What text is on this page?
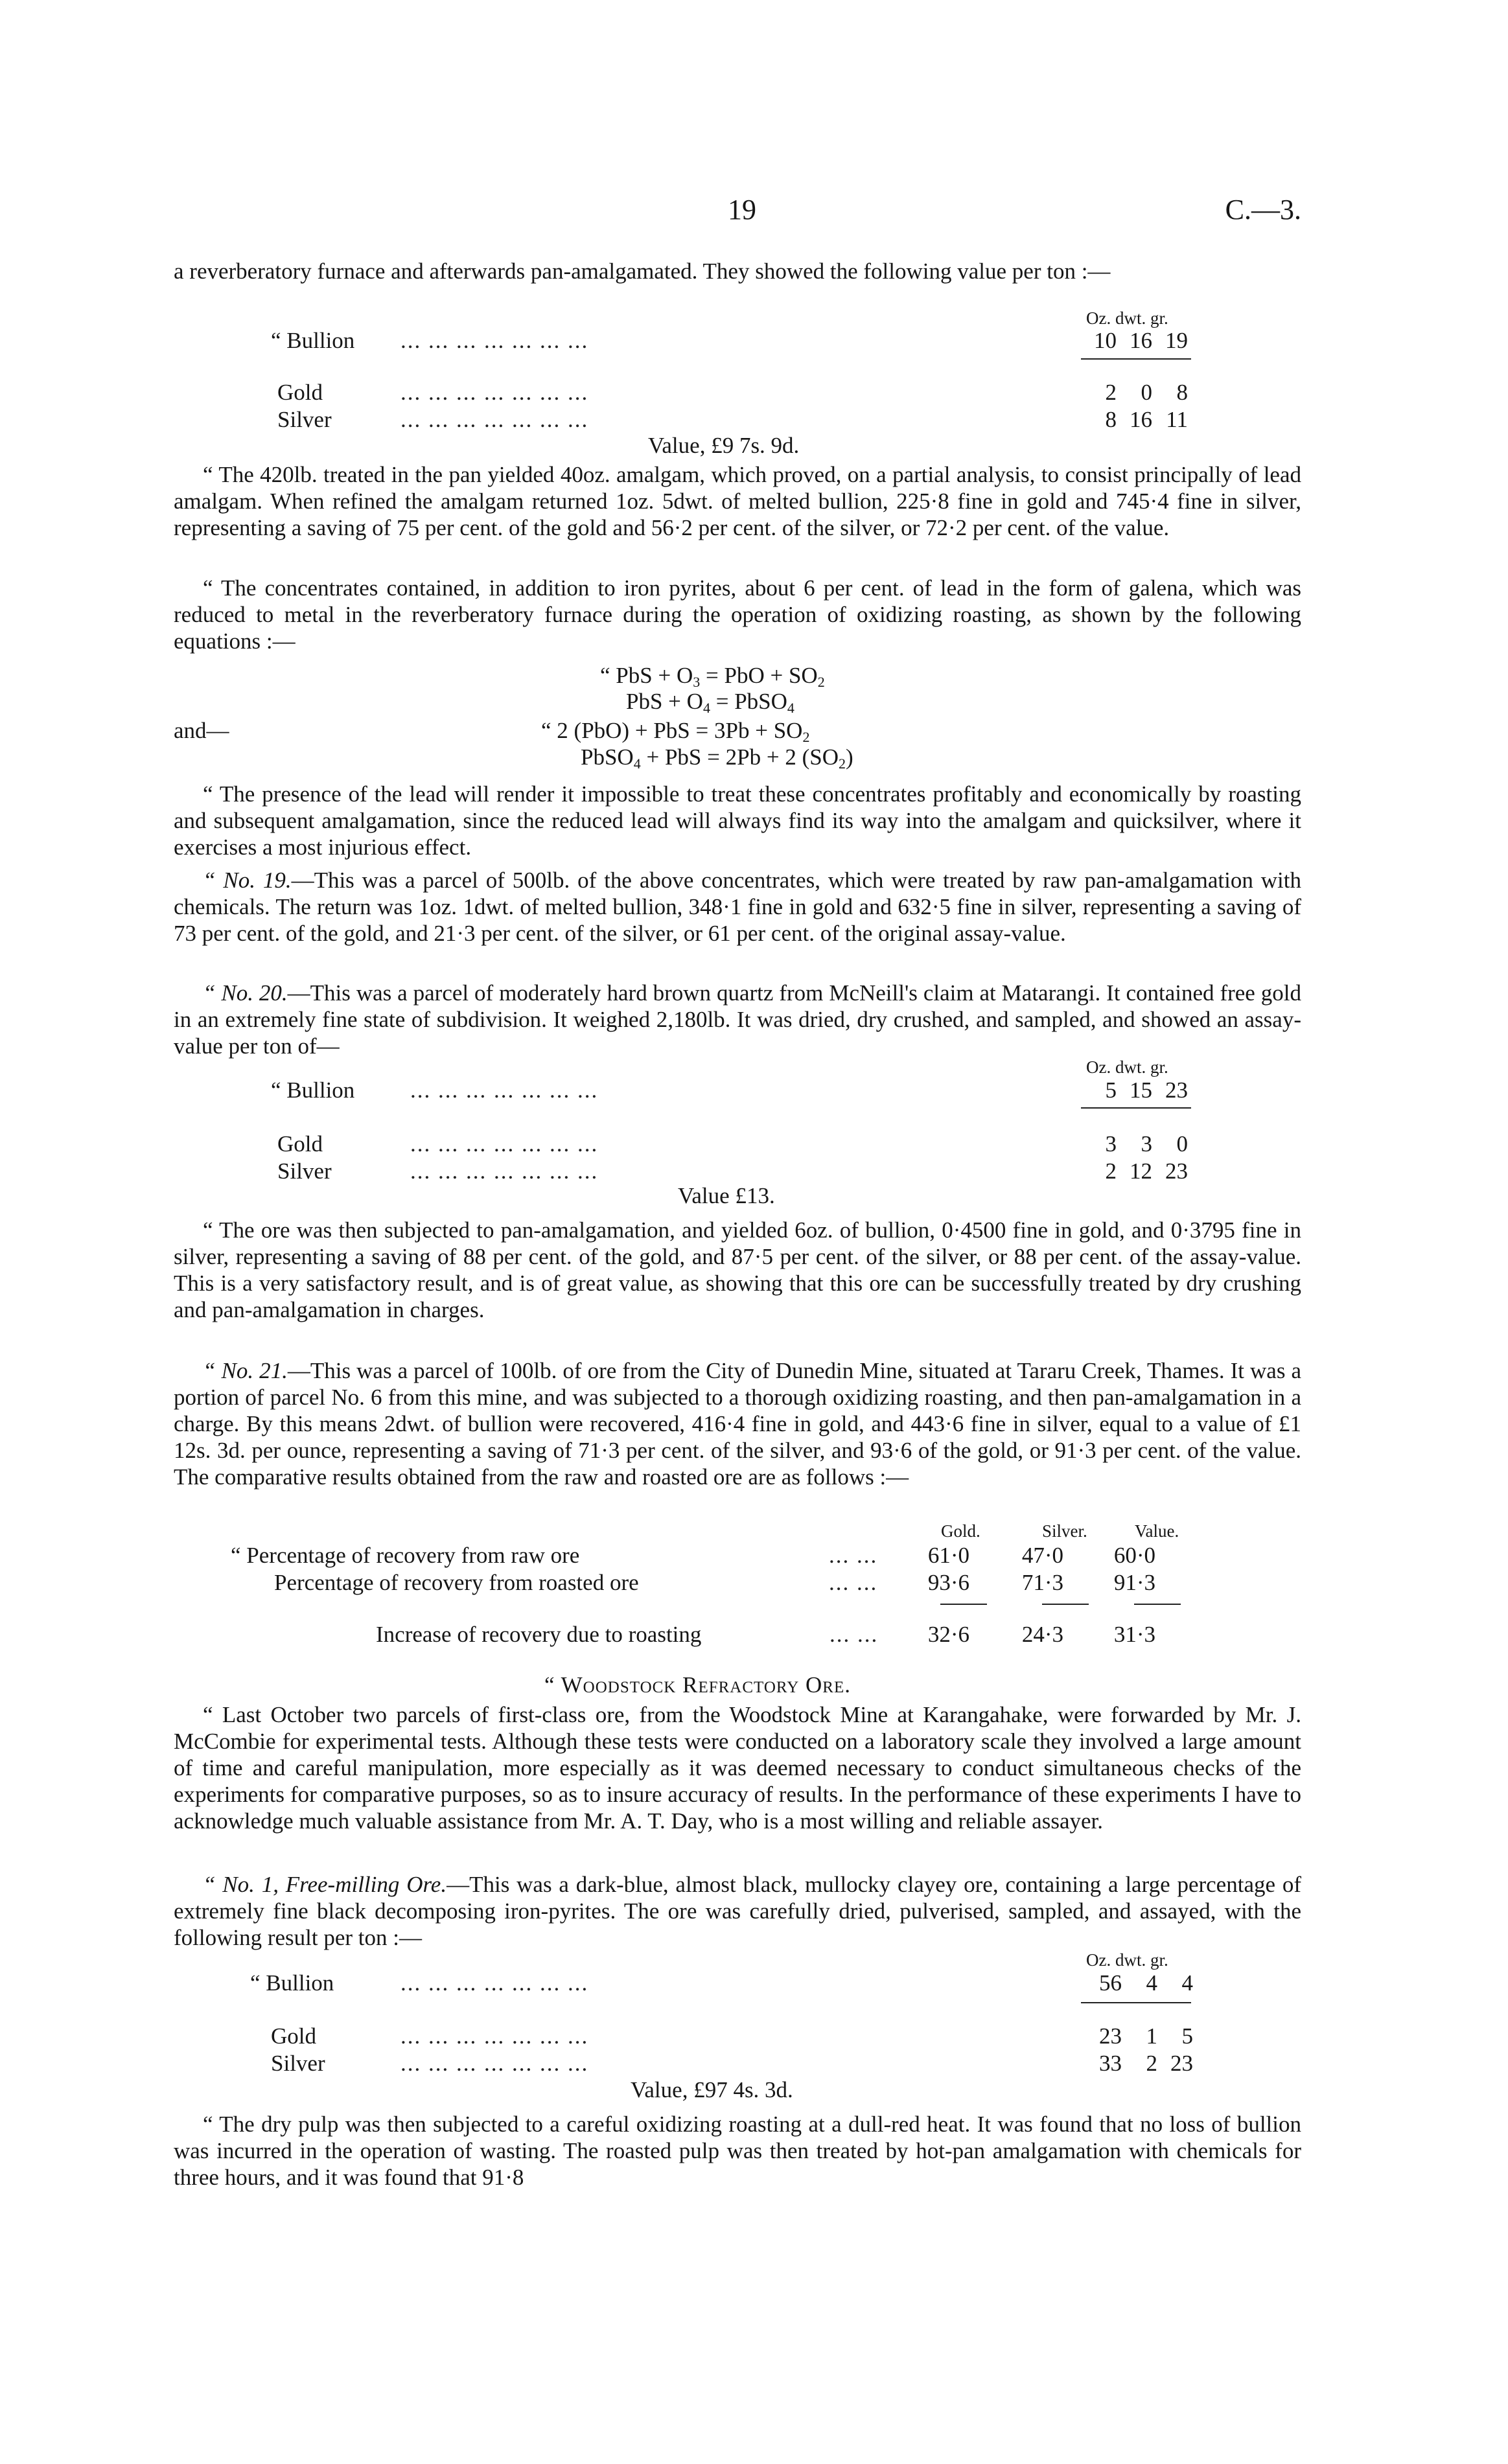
19	C.—3.

a reverberatory furnace and afterwards pan-amalgamated. They showed the following value per ton :—

Oz. dwt. gr.
“ Bullion ... ... ... ... ... ... ...	10 16 19
Gold	... ... ... ... ... ... ...	2	0	8
Silver	... ... ... ... ... ... ...	8 16 11
Value, £9 7s. 9d.

“ The 420lb. treated in the pan yielded 40oz. amalgam, which proved, on a partial analysis, to consist principally of lead amalgam. When refined the amalgam returned 1oz. 5dwt. of melted bullion, 225·8 fine in gold and 745·4 fine in silver, representing a saving of 75 per cent. of the gold and 56·2 per cent. of the silver, or 72·2 per cent. of the value.

“ The concentrates contained, in addition to iron pyrites, about 6 per cent. of lead in the form of galena, which was reduced to metal in the reverberatory furnace during the operation of oxidizing roasting, as shown by the following equations :—

“ PbS + $O_3$ = PbO + $SO_2$
PbS + $O_4$ = PbSO$_4$
and—	“ 2 (PbO) + PbS = $3Pb + SO_2$
PbSO$_4$ + PbS = 2Pb + 2 $(SO_2)$

“ The presence of the lead will render it impossible to treat these concentrates profitably and economically by roasting and subsequent amalgamation, since the reduced lead will always find its way into the amalgam and quicksilver, where it exercises a most injurious effect.

“ No. 19.—This was a parcel of 500lb. of the above concentrates, which were treated by raw pan-amalgamation with chemicals. The return was 1oz. 1dwt. of melted bullion, 348·1 fine in gold and 632·5 fine in silver, representing a saving of 73 per cent. of the gold, and 21·3 per cent. of the silver, or 61 per cent. of the original assay-value.

“ No. 20.—This was a parcel of moderately hard brown quartz from McNeill's claim at Matarangi. It contained free gold in an extremely fine state of subdivision. It weighed 2,180lb. It was dried, dry crushed, and sampled, and showed an assay-value per ton of—

Oz. dwt. gr.
“ Bullion ... ... ... ... ... ... ...	5 15 23
Gold	... ... ... ... ... ... ...	3	3	0
Silver	... ... ... ... ... ... ...	2 12 23
Value £13.

“ The ore was then subjected to pan-amalgamation, and yielded 6oz. of bullion, 0·4500 fine in gold, and 0·3795 fine in silver, representing a saving of 88 per cent. of the gold, and 87·5 per cent. of the silver, or 88 per cent. of the assay-value. This is a very satisfactory result, and is of great value, as showing that this ore can be successfully treated by dry crushing and pan-amalgamation in charges.

“ No. 21.—This was a parcel of 100lb. of ore from the City of Dunedin Mine, situated at Tararu Creek, Thames. It was a portion of parcel No. 6 from this mine, and was subjected to a thorough oxidizing roasting, and then pan-amalgamation in a charge. By this means 2dwt. of bullion were recovered, 416·4 fine in gold, and 443·6 fine in silver, equal to a value of £1 12s. 3d. per ounce, representing a saving of 71·3 per cent. of the silver, and 93·6 of the gold, or 91·3 per cent. of the value. The comparative results obtained from the raw and roasted ore are as follows :—

Gold.	Silver.	Value.
“ Percentage of recovery from raw ore	... ...	61·0	47·0	60·0
Percentage of recovery from roasted ore	... ...	93·6	71·3	91·3
Increase of recovery due to roasting	... ...	32·6	24·3	31·3
“ Woodstock Refractory Ore.

“ Last October two parcels of first-class ore, from the Woodstock Mine at Karangahake, were forwarded by Mr. J. McCombie for experimental tests. Although these tests were conducted on a laboratory scale they involved a large amount of time and careful manipulation, more especially as it was deemed necessary to conduct simultaneous checks of the experiments for comparative purposes, so as to insure accuracy of results. In the performance of these experiments I have to acknowledge much valuable assistance from Mr. A. T. Day, who is a most willing and reliable assayer.

“ No. 1, Free-milling Ore.—This was a dark-blue, almost black, mullocky clayey ore, containing a large percentage of extremely fine black decomposing iron-pyrites. The ore was carefully dried, pulverised, sampled, and assayed, with the following result per ton :—

Oz. dwt. gr.
“ Bullion	... ... ... ... ... ... ...	56	4	4
Gold	... ... ... ... ... ... ...	23	1	5
Silver	... ... ... ... ... ... ...	33	2 23
Value, £97 4s. 3d.

“ The dry pulp was then subjected to a careful oxidizing roasting at a dull-red heat. It was found that no loss of bullion was incurred in the operation of wasting. The roasted pulp was then treated by hot-pan amalgamation with chemicals for three hours, and it was found that 91·8
